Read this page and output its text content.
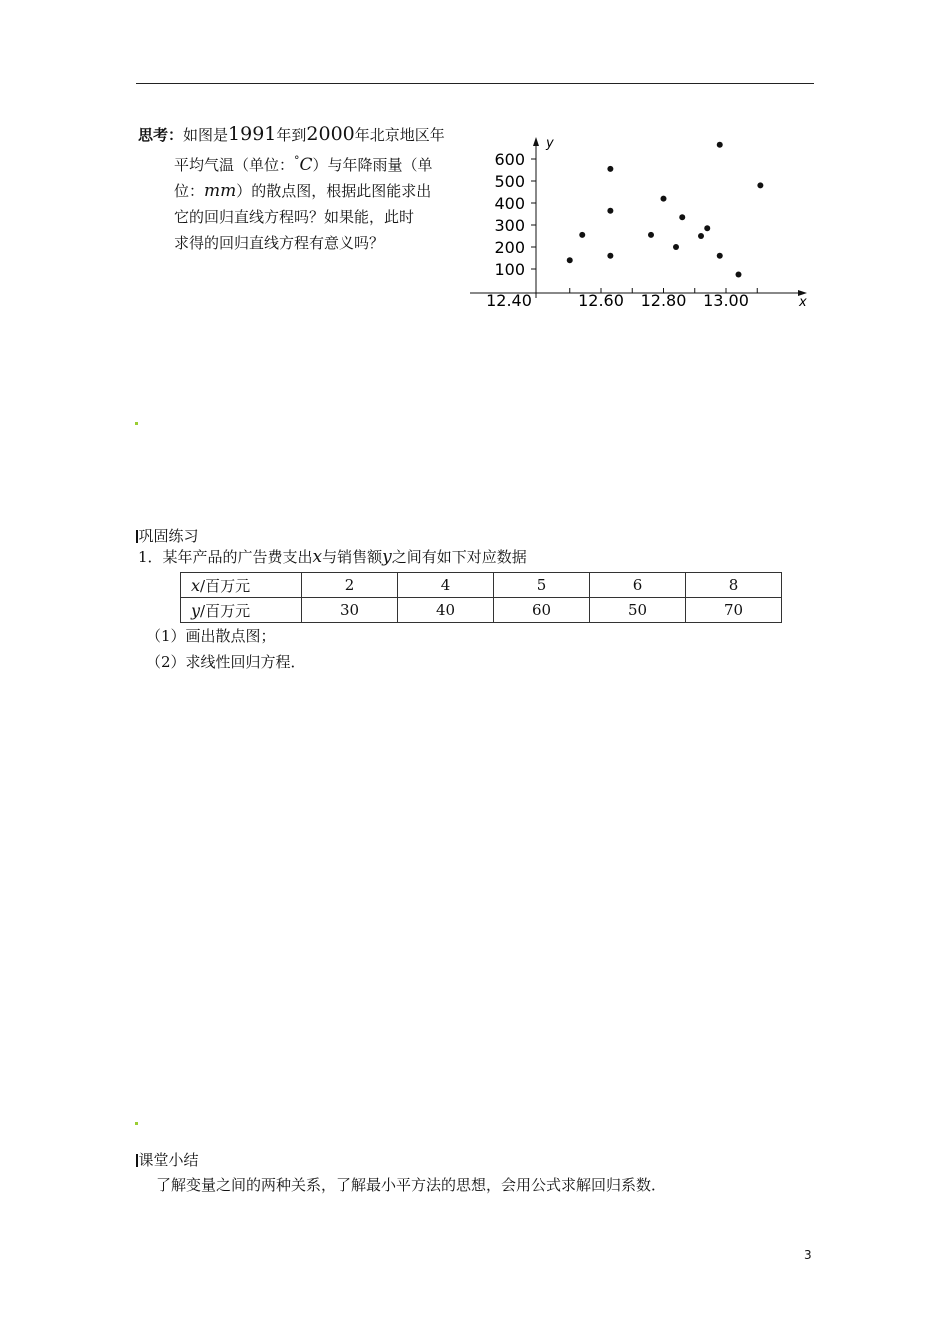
思考：如图是1991年到2000年北京地区年
平均气温（单位：°C）与年降雨量（单
位：mm）的散点图，根据此图能求出
它的回归直线方程吗？如果能，此时
求得的回归直线方程有意义吗？
600
500
400
300
200
100
12.40	12.60 12.80 13.00
y
x
巩固练习
1．某年产品的广告费支出x与销售额y之间有如下对应数据
x/百万元	2	4	5	6	8
y/百万元	30	40	60	50	70
（1）画出散点图；
（2）求线性回归方程．
课堂小结
了解变量之间的两种关系，了解最小平方法的思想，会用公式求解回归系数．
3
